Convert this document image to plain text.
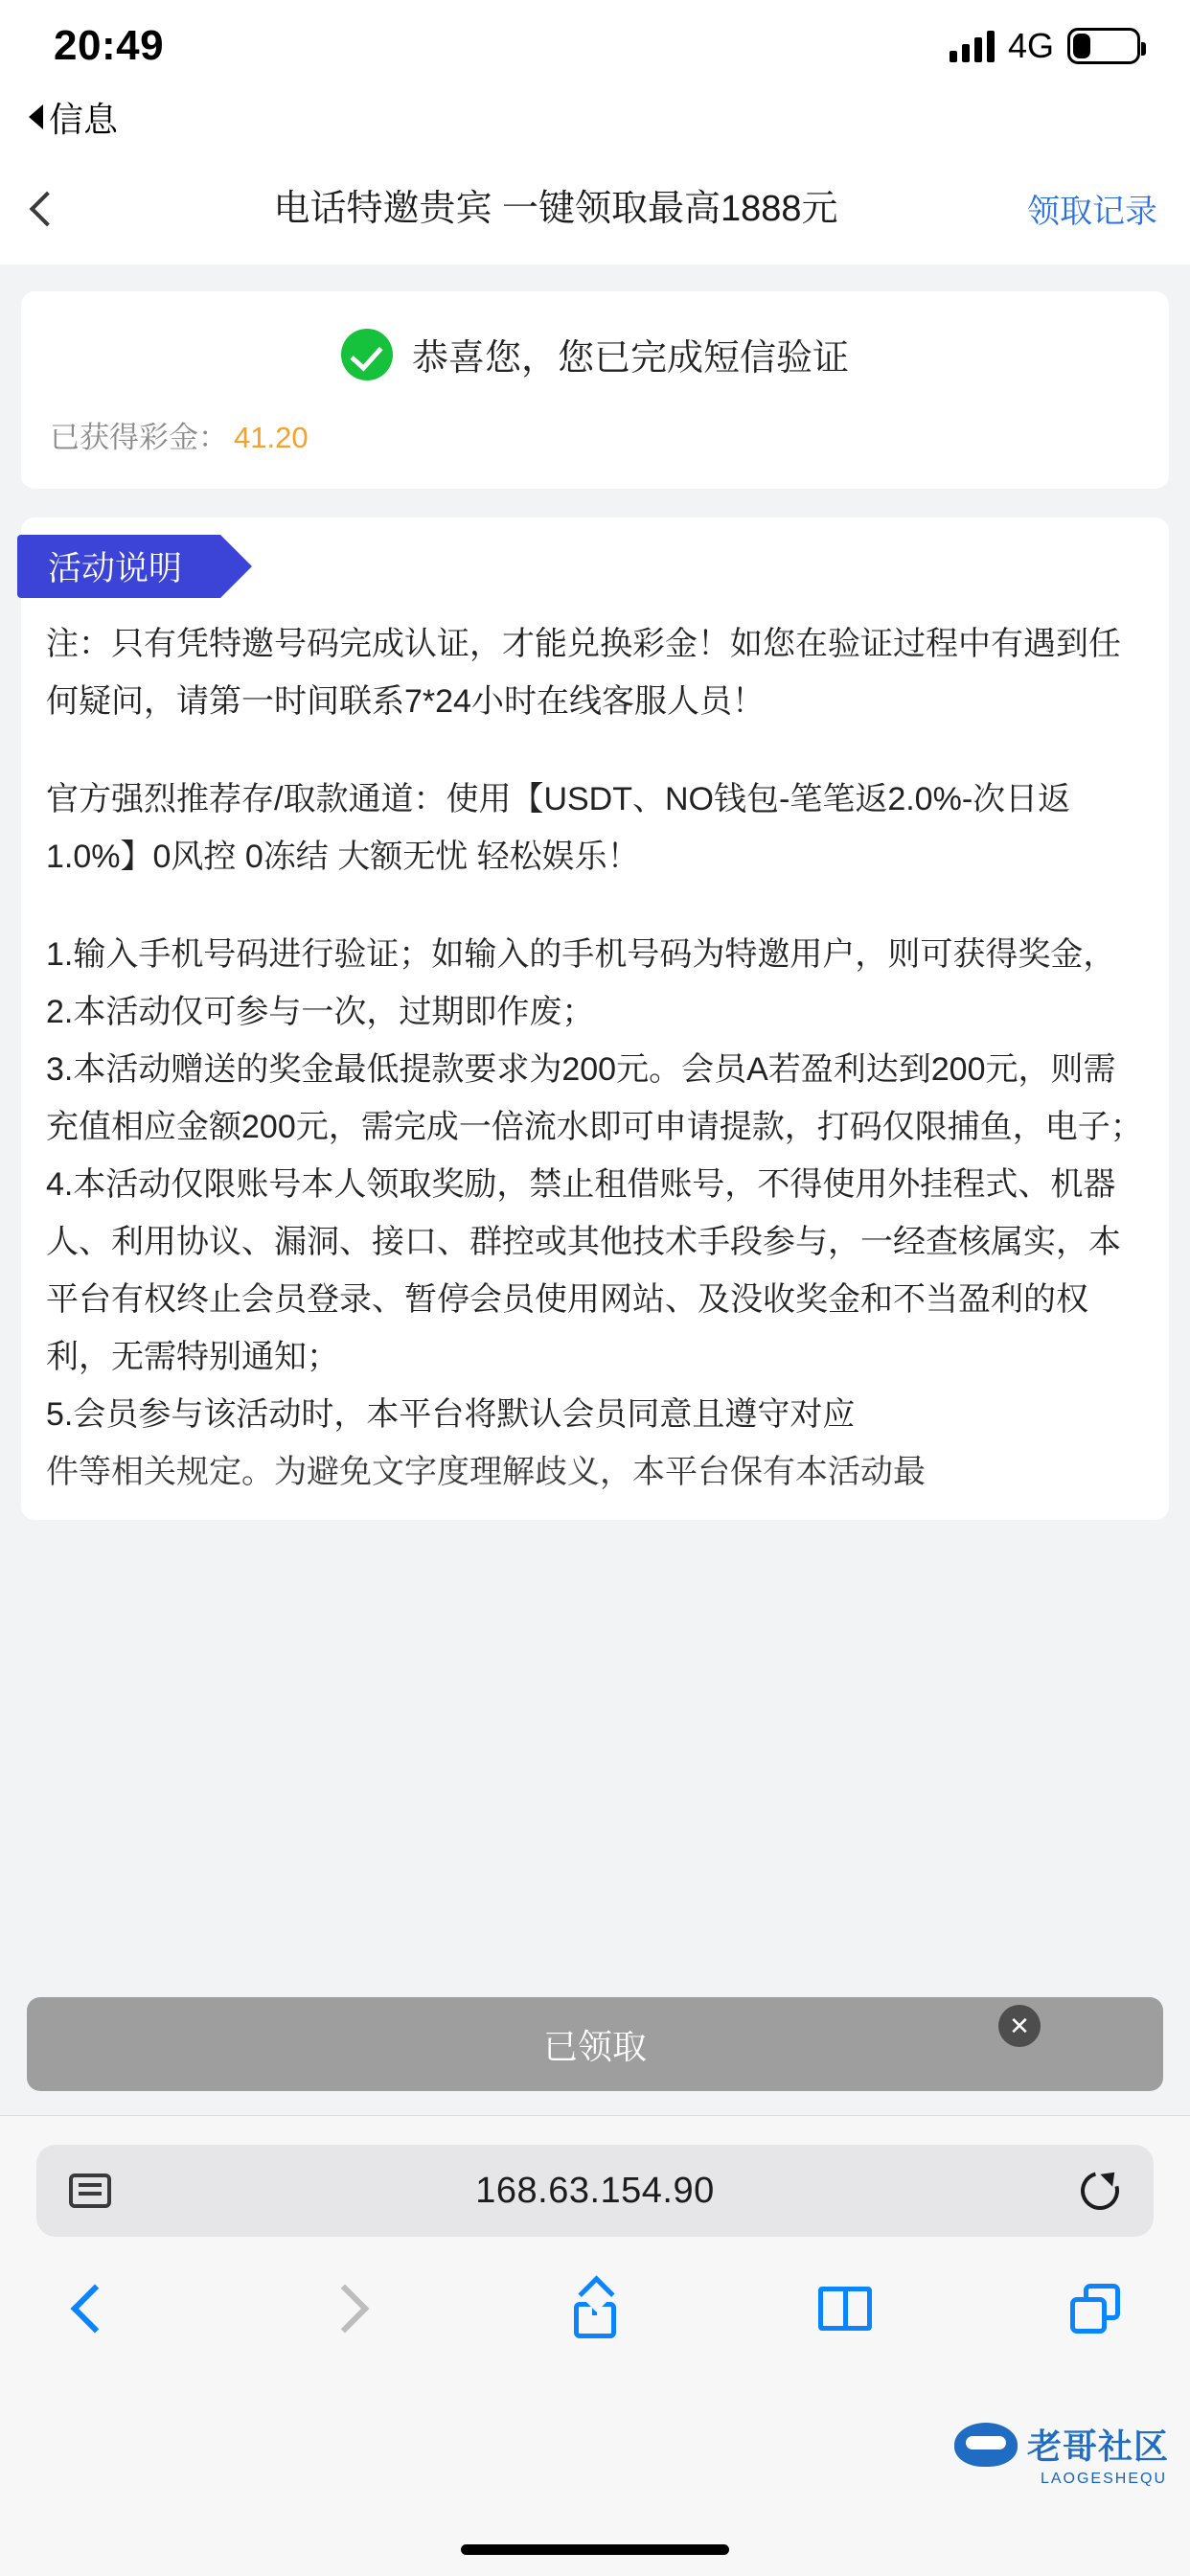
20:49	4G	28
信息
电话特邀贵宾 一键领取最高1888元	领取记录
恭喜您，您已完成短信验证
已获得彩金： 41.20
活动说明

注：只有凭特邀号码完成认证，才能兑换彩金！如您在验证过程中有遇到任何疑问，请第一时间联系7*24小时在线客服人员！

官方强烈推荐存/取款通道：使用【USDT、NO钱包-笔笔返2.0%-次日返1.0%】0风控 0冻结 大额无忧 轻松娱乐！

1.输入手机号码进行验证；如输入的手机号码为特邀用户，则可获得奖金，

2.本活动仅可参与一次，过期即作废；

3.本活动赠送的奖金最低提款要求为200元。会员A若盈利达到200元，则需充值相应金额200元，需完成一倍流水即可申请提款，打码仅限捕鱼，电子；

4.本活动仅限账号本人领取奖励，禁止租借账号，不得使用外挂程式、机器人、利用协议、漏洞、接口、群控或其他技术手段参与，一经查核属实，本平台有权终止会员登录、暂停会员使用网站、及没收奖金和不当盈利的权利，无需特别通知；

5.会员参与该活动时，本平台将默认会员同意且遵守对应

件等相关规定。为避免文字度理解歧义，本平台保有本活动最

✕

已领取
168.63.154.90
老哥社区
LAOGESHEQU
